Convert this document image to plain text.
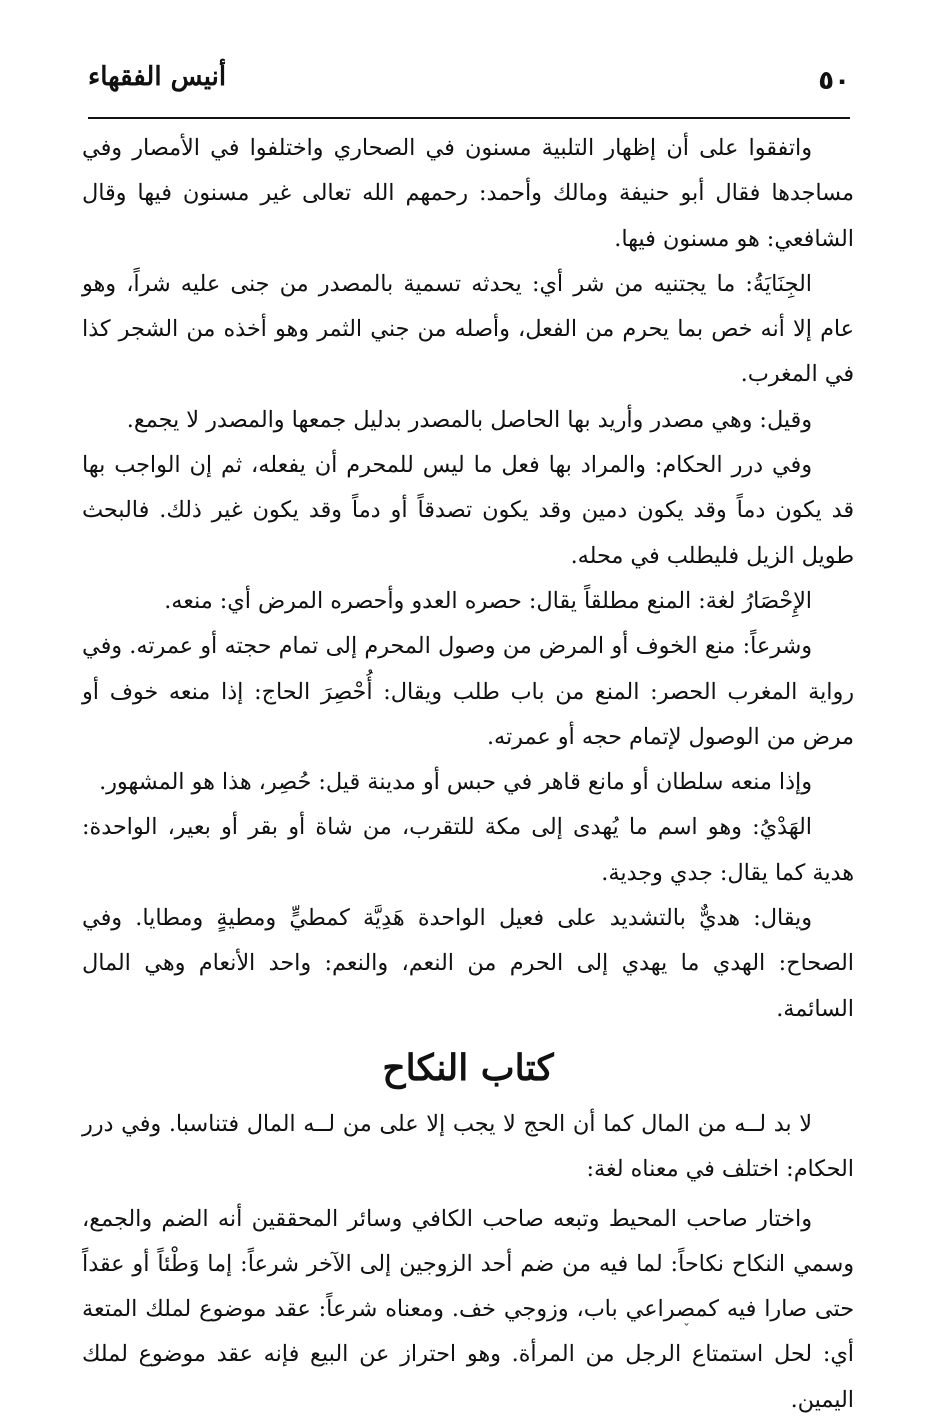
٥٠
أنيس الفقهاء

واتفقوا على أن إظهار التلبية مسنون في الصحاري واختلفوا في الأمصار وفي مساجدها فقال أبو حنيفة ومالك وأحمد: رحمهم الله تعالى غير مسنون فيها وقال الشافعي: هو مسنون فيها.

الجِنَايَةُ: ما يجتنيه من شر أي: يحدثه تسمية بالمصدر من جنى عليه شراً، وهو عام إلا أنه خص بما يحرم من الفعل، وأصله من جني الثمر وهو أخذه من الشجر كذا في المغرب.

وقيل: وهي مصدر وأريد بها الحاصل بالمصدر بدليل جمعها والمصدر لا يجمع.

وفي درر الحكام: والمراد بها فعل ما ليس للمحرم أن يفعله، ثم إن الواجب بها قد يكون دماً وقد يكون دمين وقد يكون تصدقاً أو دماً وقد يكون غير ذلك. فالبحث طويل الزيل فليطلب في محله.

الإِحْصَارُ لغة: المنع مطلقاً يقال: حصره العدو وأحصره المرض أي: منعه.

وشرعاً: منع الخوف أو المرض من وصول المحرم إلى تمام حجته أو عمرته. وفي رواية المغرب الحصر: المنع من باب طلب ويقال: أُحْصِرَ الحاج: إذا منعه خوف أو مرض من الوصول لإتمام حجه أو عمرته.

وإذا منعه سلطان أو مانع قاهر في حبس أو مدينة قيل: حُصِر، هذا هو المشهور.

الهَدْيُ: وهو اسم ما يُهدى إلى مكة للتقرب، من شاة أو بقر أو بعير، الواحدة: هدية كما يقال: جدي وجدية.

ويقال: هديٌّ بالتشديد على فعيل الواحدة هَدِيَّة كمطيٍّ ومطيةٍ ومطايا. وفي الصحاح: الهدي ما يهدي إلى الحرم من النعم، والنعم: واحد الأنعام وهي المال السائمة.

كتاب النكاح

لا بد لــه من المال كما أن الحج لا يجب إلا على من لــه المال فتناسبا. وفي درر الحكام: اختلف في معناه لغة:

واختار صاحب المحيط وتبعه صاحب الكافي وسائر المحققين أنه الضم والجمع، وسمي النكاح نكاحاً: لما فيه من ضم أحد الزوجين إلى الآخر شرعاً: إما وَطْئاً أو عقداً حتى صارا فيه كمصراعي باب، وزوجي خف. ومعناه شرعاً: عقد موضوع لملك المتعة أي: لحل استمتاع الرجل من المرأة. وهو احتراز عن البيع فإنه عقد موضوع لملك اليمين.

ˇ
